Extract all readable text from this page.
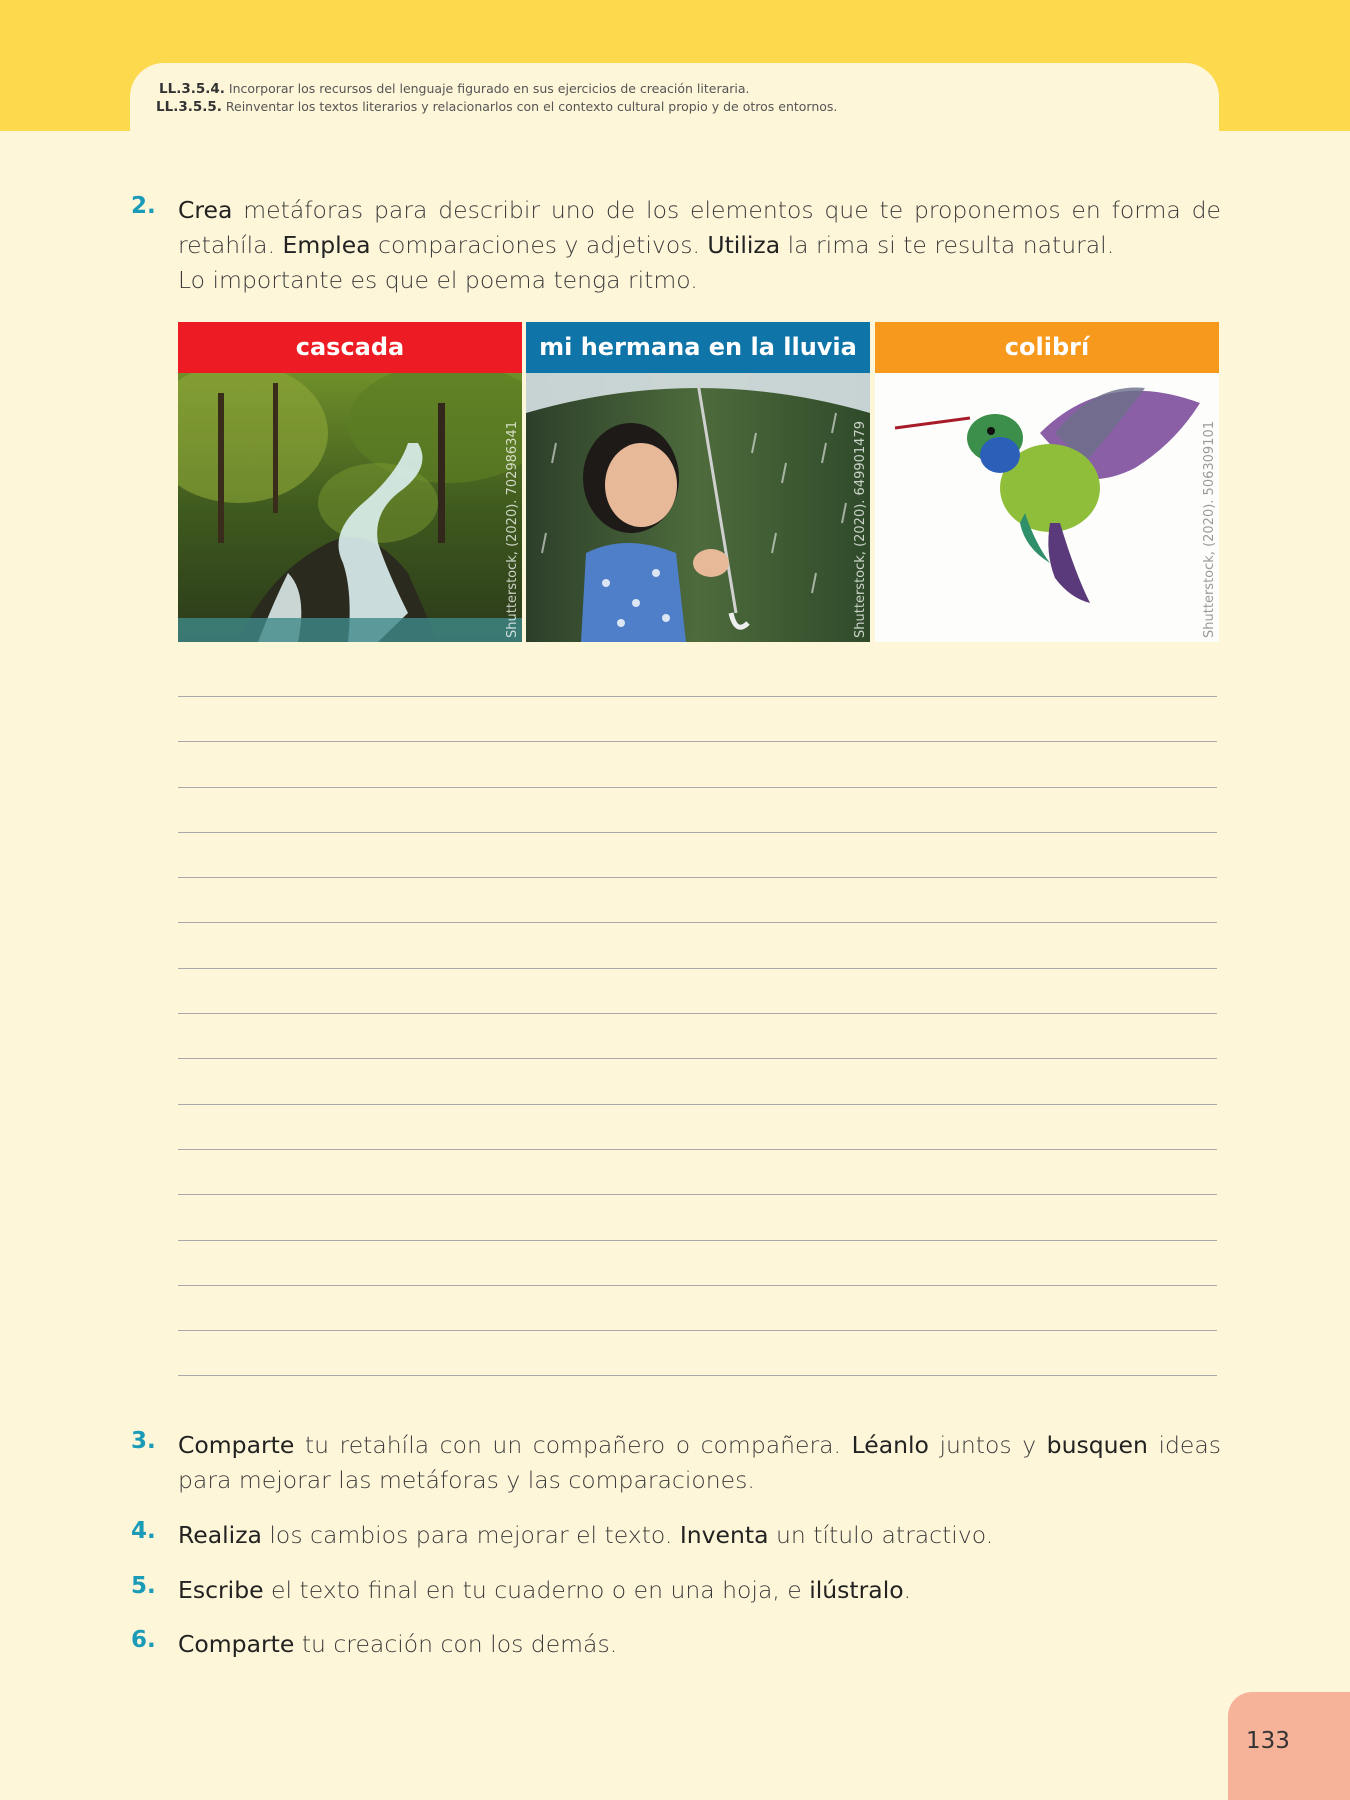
LL.3.5.4. Incorporar los recursos del lenguaje figurado en sus ejercicios de creación literaria.
LL.3.5.5. Reinventar los textos literarios y relacionarlos con el contexto cultural propio y de otros entornos.
2. Crea metáforas para describir uno de los elementos que te proponemos en forma de retahíla. Emplea comparaciones y adjetivos. Utiliza la rima si te resulta natural.
Lo importante es que el poema tenga ritmo.
cascada
Shutterstock, (2020). 702986341
mi hermana en la lluvia
Shutterstock, (2020). 649901479
colibrí
Shutterstock, (2020). 506309101
3. Comparte tu retahíla con un compañero o compañera. Léanlo juntos y busquen ideas para mejorar las metáforas y las comparaciones.
4. Realiza los cambios para mejorar el texto. Inventa un título atractivo.
5. Escribe el texto final en tu cuaderno o en una hoja, e ilústralo.
6. Comparte tu creación con los demás.
133
